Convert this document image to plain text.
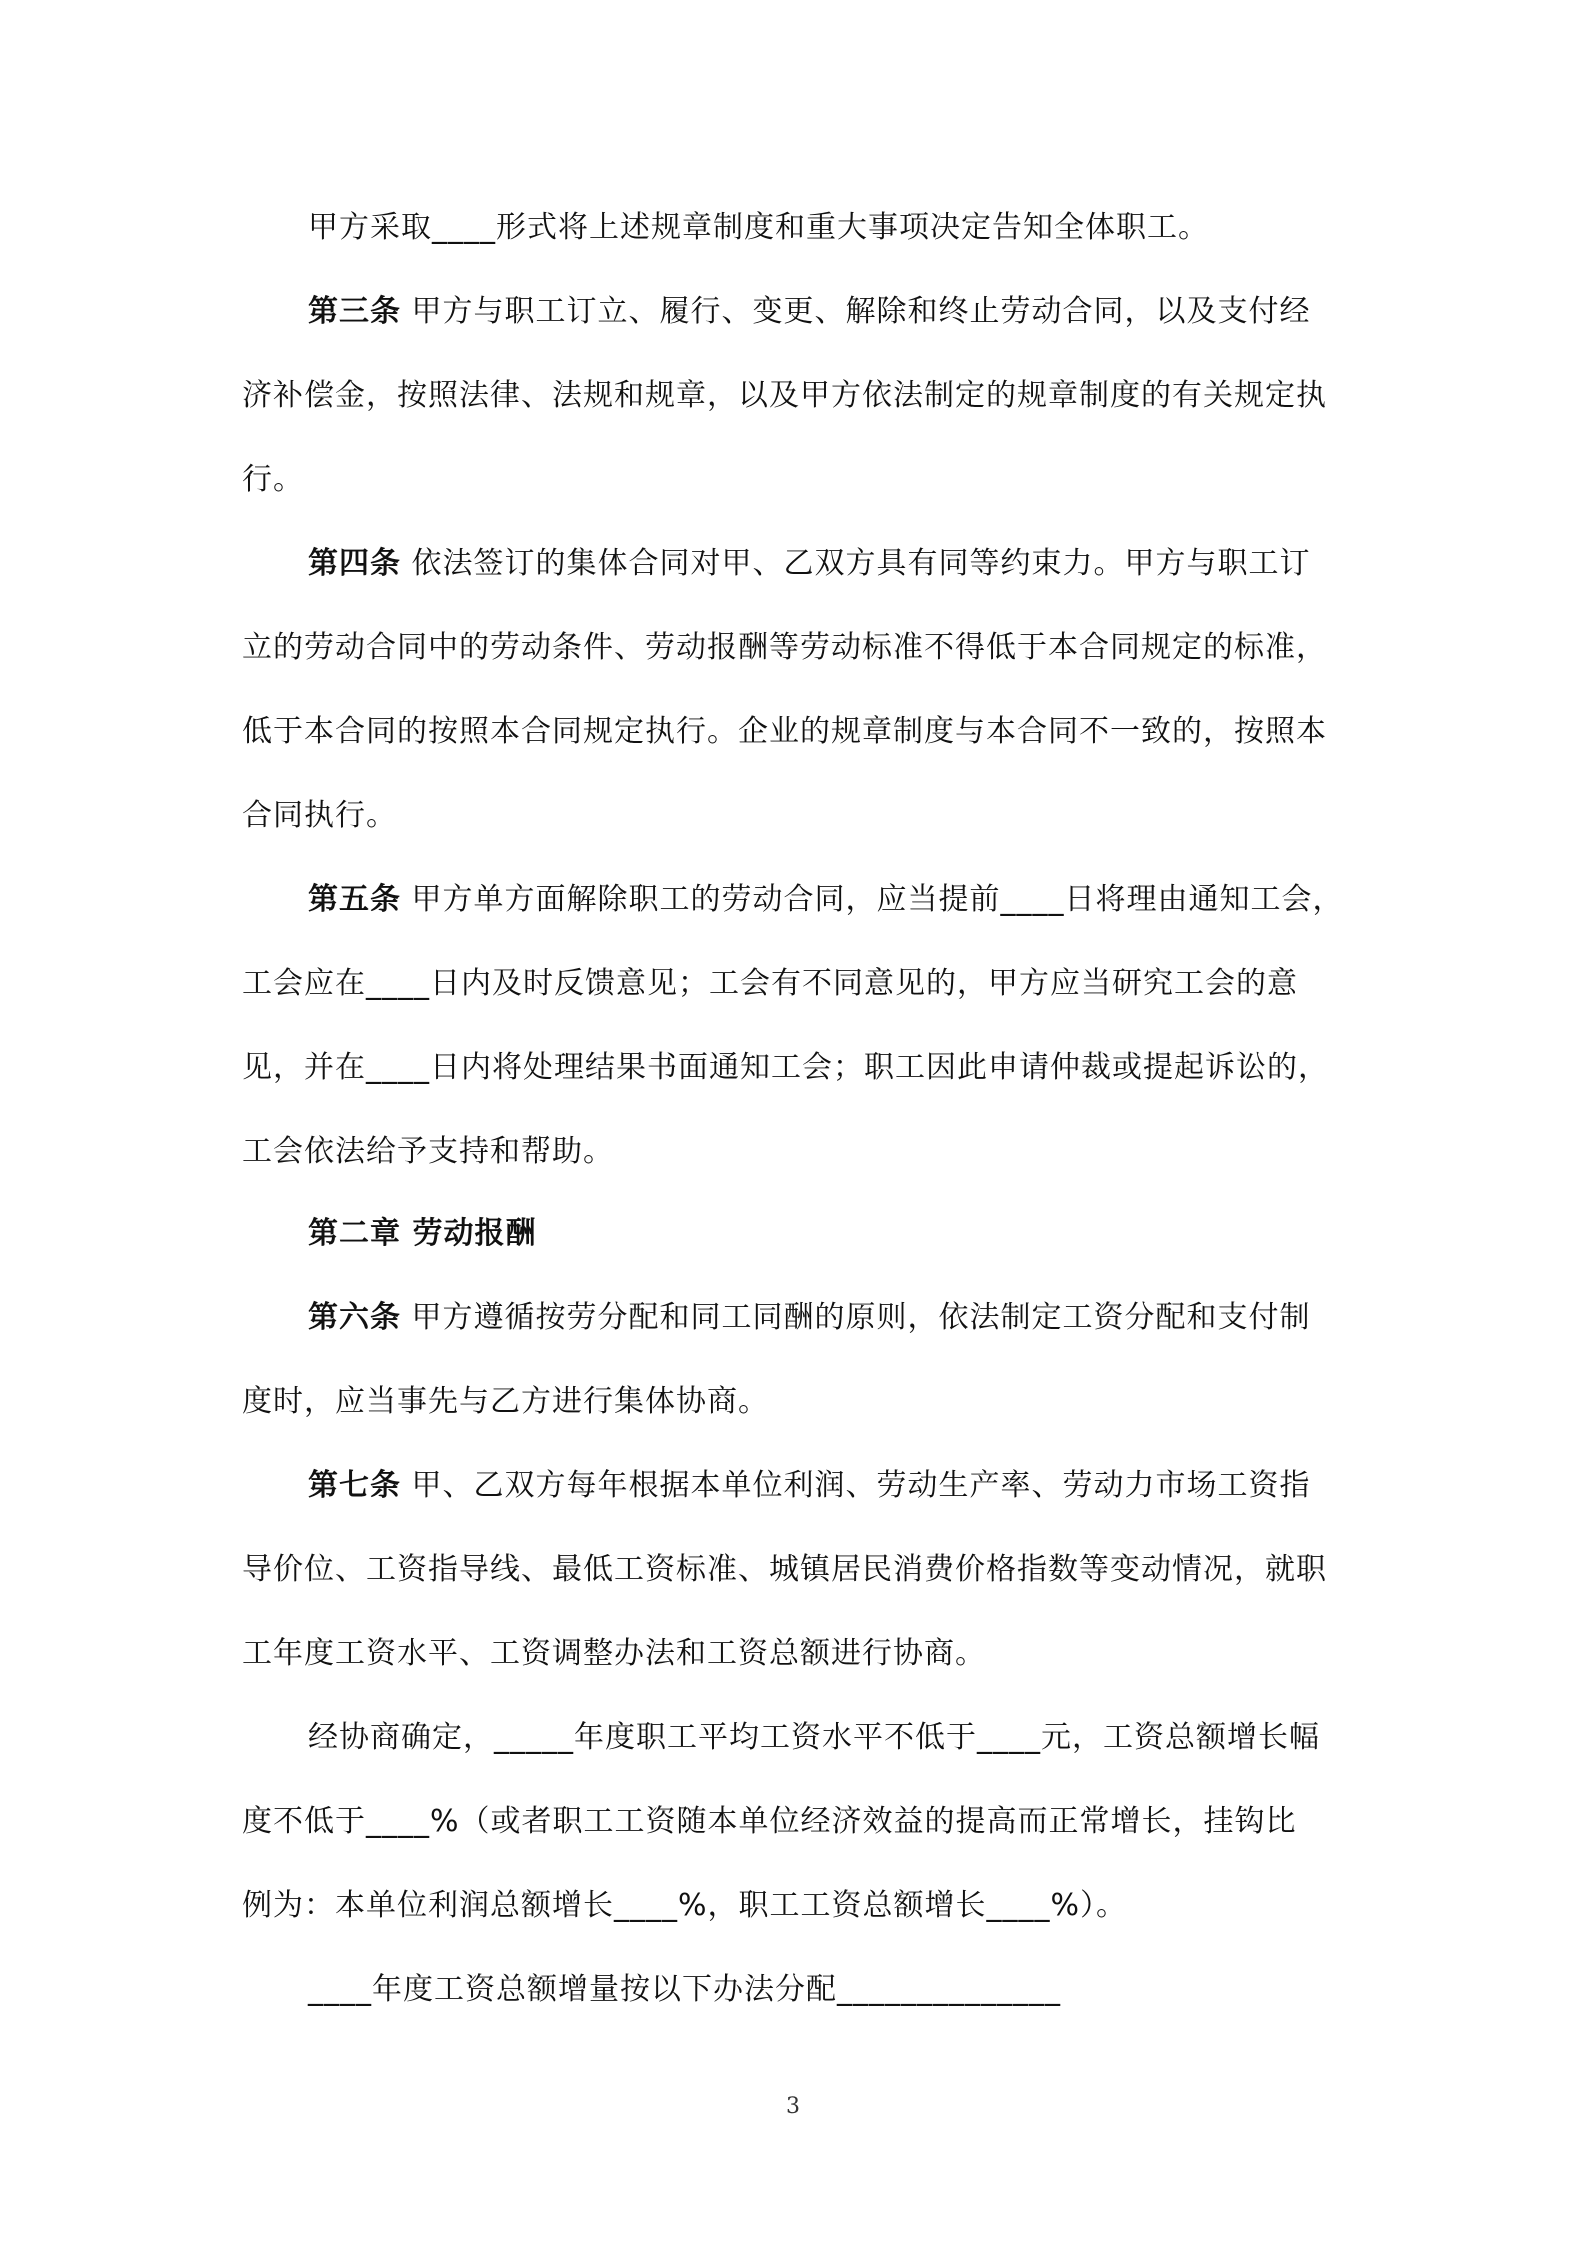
甲方采取____形式将上述规章制度和重大事项决定告知全体职工。

第三条 甲方与职工订立、履行、变更、解除和终止劳动合同，以及支付经

济补偿金，按照法律、法规和规章，以及甲方依法制定的规章制度的有关规定执

行。

第四条 依法签订的集体合同对甲、乙双方具有同等约束力。甲方与职工订

立的劳动合同中的劳动条件、劳动报酬等劳动标准不得低于本合同规定的标准，

低于本合同的按照本合同规定执行。企业的规章制度与本合同不一致的，按照本

合同执行。

第五条 甲方单方面解除职工的劳动合同，应当提前____日将理由通知工会，

工会应在____日内及时反馈意见；工会有不同意见的，甲方应当研究工会的意

见，并在____日内将处理结果书面通知工会；职工因此申请仲裁或提起诉讼的，

工会依法给予支持和帮助。

第二章 劳动报酬

第六条 甲方遵循按劳分配和同工同酬的原则，依法制定工资分配和支付制

度时，应当事先与乙方进行集体协商。

第七条 甲、乙双方每年根据本单位利润、劳动生产率、劳动力市场工资指

导价位、工资指导线、最低工资标准、城镇居民消费价格指数等变动情况，就职

工年度工资水平、工资调整办法和工资总额进行协商。

经协商确定，_____年度职工平均工资水平不低于____元，工资总额增长幅

度不低于____%（或者职工工资随本单位经济效益的提高而正常增长，挂钩比

例为：本单位利润总额增长____%，职工工资总额增长____%）。

____年度工资总额增量按以下办法分配______________

3
